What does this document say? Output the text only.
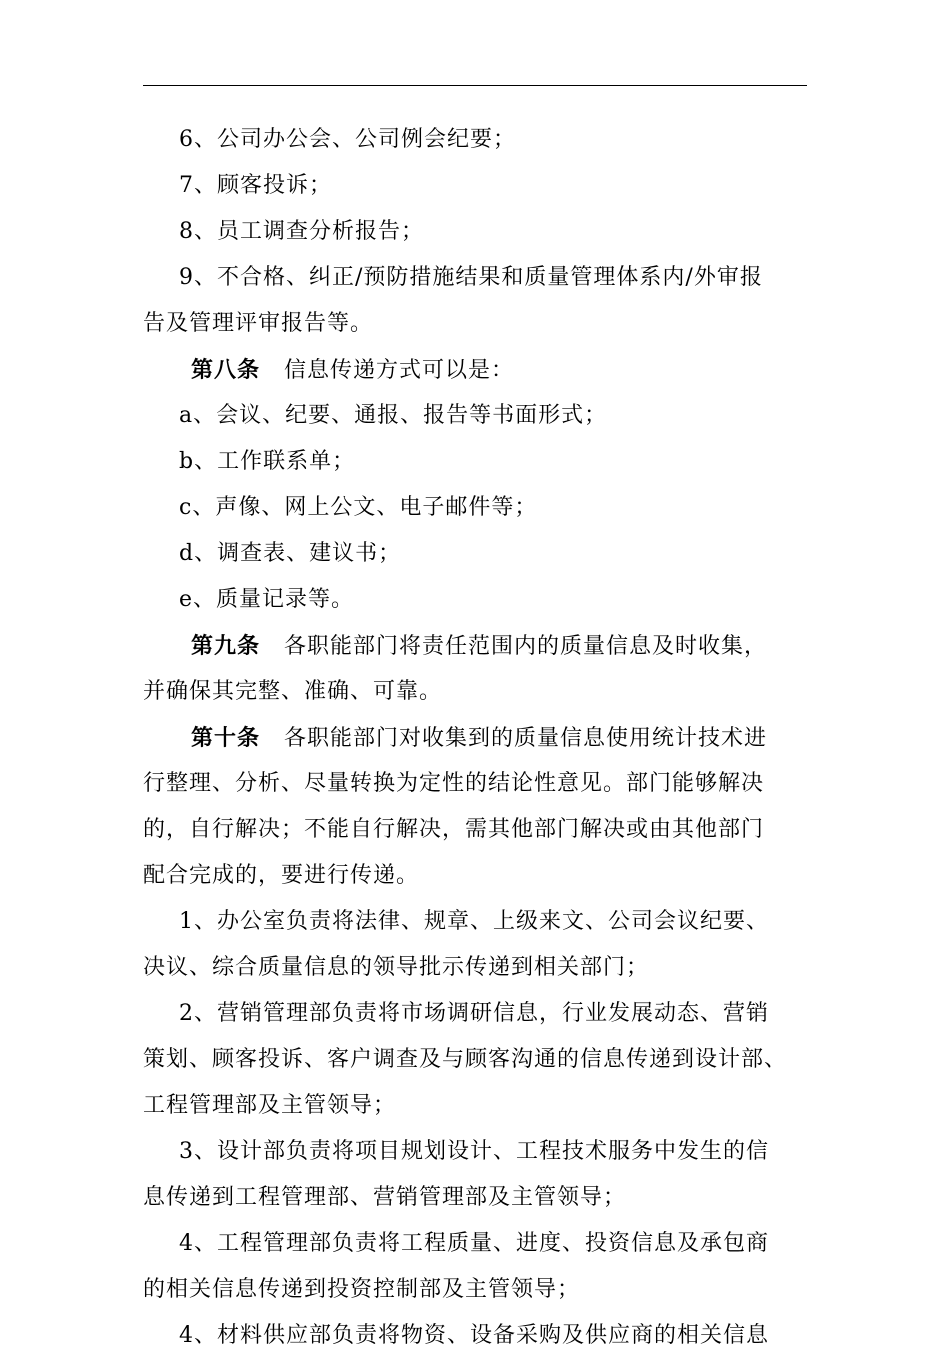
6、公司办公会、公司例会纪要；
7、顾客投诉；
8、员工调查分析报告；
9、不合格、纠正/预防措施结果和质量管理体系内/外审报
告及管理评审报告等。
第八条 信息传递方式可以是：
a、会议、纪要、通报、报告等书面形式；
b、工作联系单；
c、声像、网上公文、电子邮件等；
d、调查表、建议书；
e、质量记录等。
第九条 各职能部门将责任范围内的质量信息及时收集，
并确保其完整、准确、可靠。
第十条 各职能部门对收集到的质量信息使用统计技术进
行整理、分析、尽量转换为定性的结论性意见。部门能够解决
的，自行解决；不能自行解决，需其他部门解决或由其他部门
配合完成的，要进行传递。
1、办公室负责将法律、规章、上级来文、公司会议纪要、
决议、综合质量信息的领导批示传递到相关部门；
2、营销管理部负责将市场调研信息，行业发展动态、营销
策划、顾客投诉、客户调查及与顾客沟通的信息传递到设计部、
工程管理部及主管领导；
3、设计部负责将项目规划设计、工程技术服务中发生的信
息传递到工程管理部、营销管理部及主管领导；
4、工程管理部负责将工程质量、进度、投资信息及承包商
的相关信息传递到投资控制部及主管领导；
4、材料供应部负责将物资、设备采购及供应商的相关信息
